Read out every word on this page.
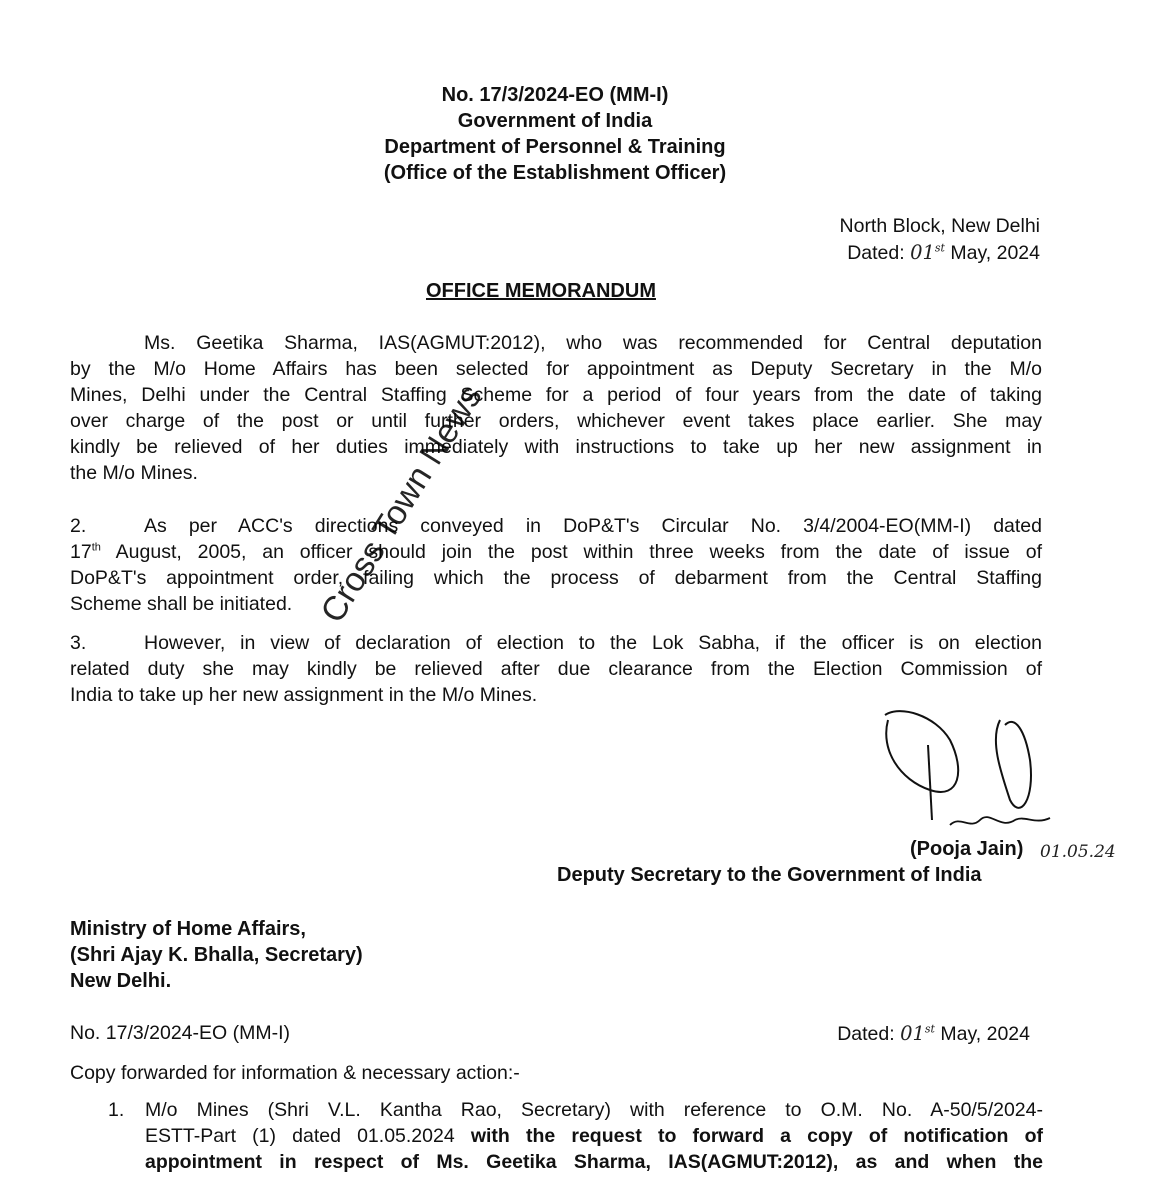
No. 17/3/2024-EO (MM-I)
Government of India
Department of Personnel & Training
(Office of the Establishment Officer)
North Block, New Delhi
Dated: 01st May, 2024
OFFICE MEMORANDUM
Ms. Geetika Sharma, IAS(AGMUT:2012), who was recommended for Central deputation
by the M/o Home Affairs has been selected for appointment as Deputy Secretary in the M/o
Mines, Delhi under the Central Staffing Scheme for a period of four years from the date of taking
over charge of the post or until further orders, whichever event takes place earlier. She may
kindly be relieved of her duties immediately with instructions to take up her new assignment in
the M/o Mines.
2.	As per ACC's directions conveyed in DoP&T's Circular No. 3/4/2004-EO(MM-I) dated
17th August, 2005, an officer should join the post within three weeks from the date of issue of
DoP&T's appointment order, failing which the process of debarment from the Central Staffing
Scheme shall be initiated.
3.	However, in view of declaration of election to the Lok Sabha, if the officer is on election
related duty she may kindly be relieved after due clearance from the Election Commission of
India to take up her new assignment in the M/o Mines.
Cross Town News
(Pooja Jain) 01.05.24
Deputy Secretary to the Government of India
Ministry of Home Affairs,
(Shri Ajay K. Bhalla, Secretary)
New Delhi.
No. 17/3/2024-EO (MM-I)	Dated: 01st May, 2024
Copy forwarded for information & necessary action:-
1. M/o Mines (Shri V.L. Kantha Rao, Secretary) with reference to O.M. No. A-50/5/2024-
ESTT-Part (1) dated 01.05.2024 with the request to forward a copy of notification of
appointment in respect of Ms. Geetika Sharma, IAS(AGMUT:2012), as and when the
